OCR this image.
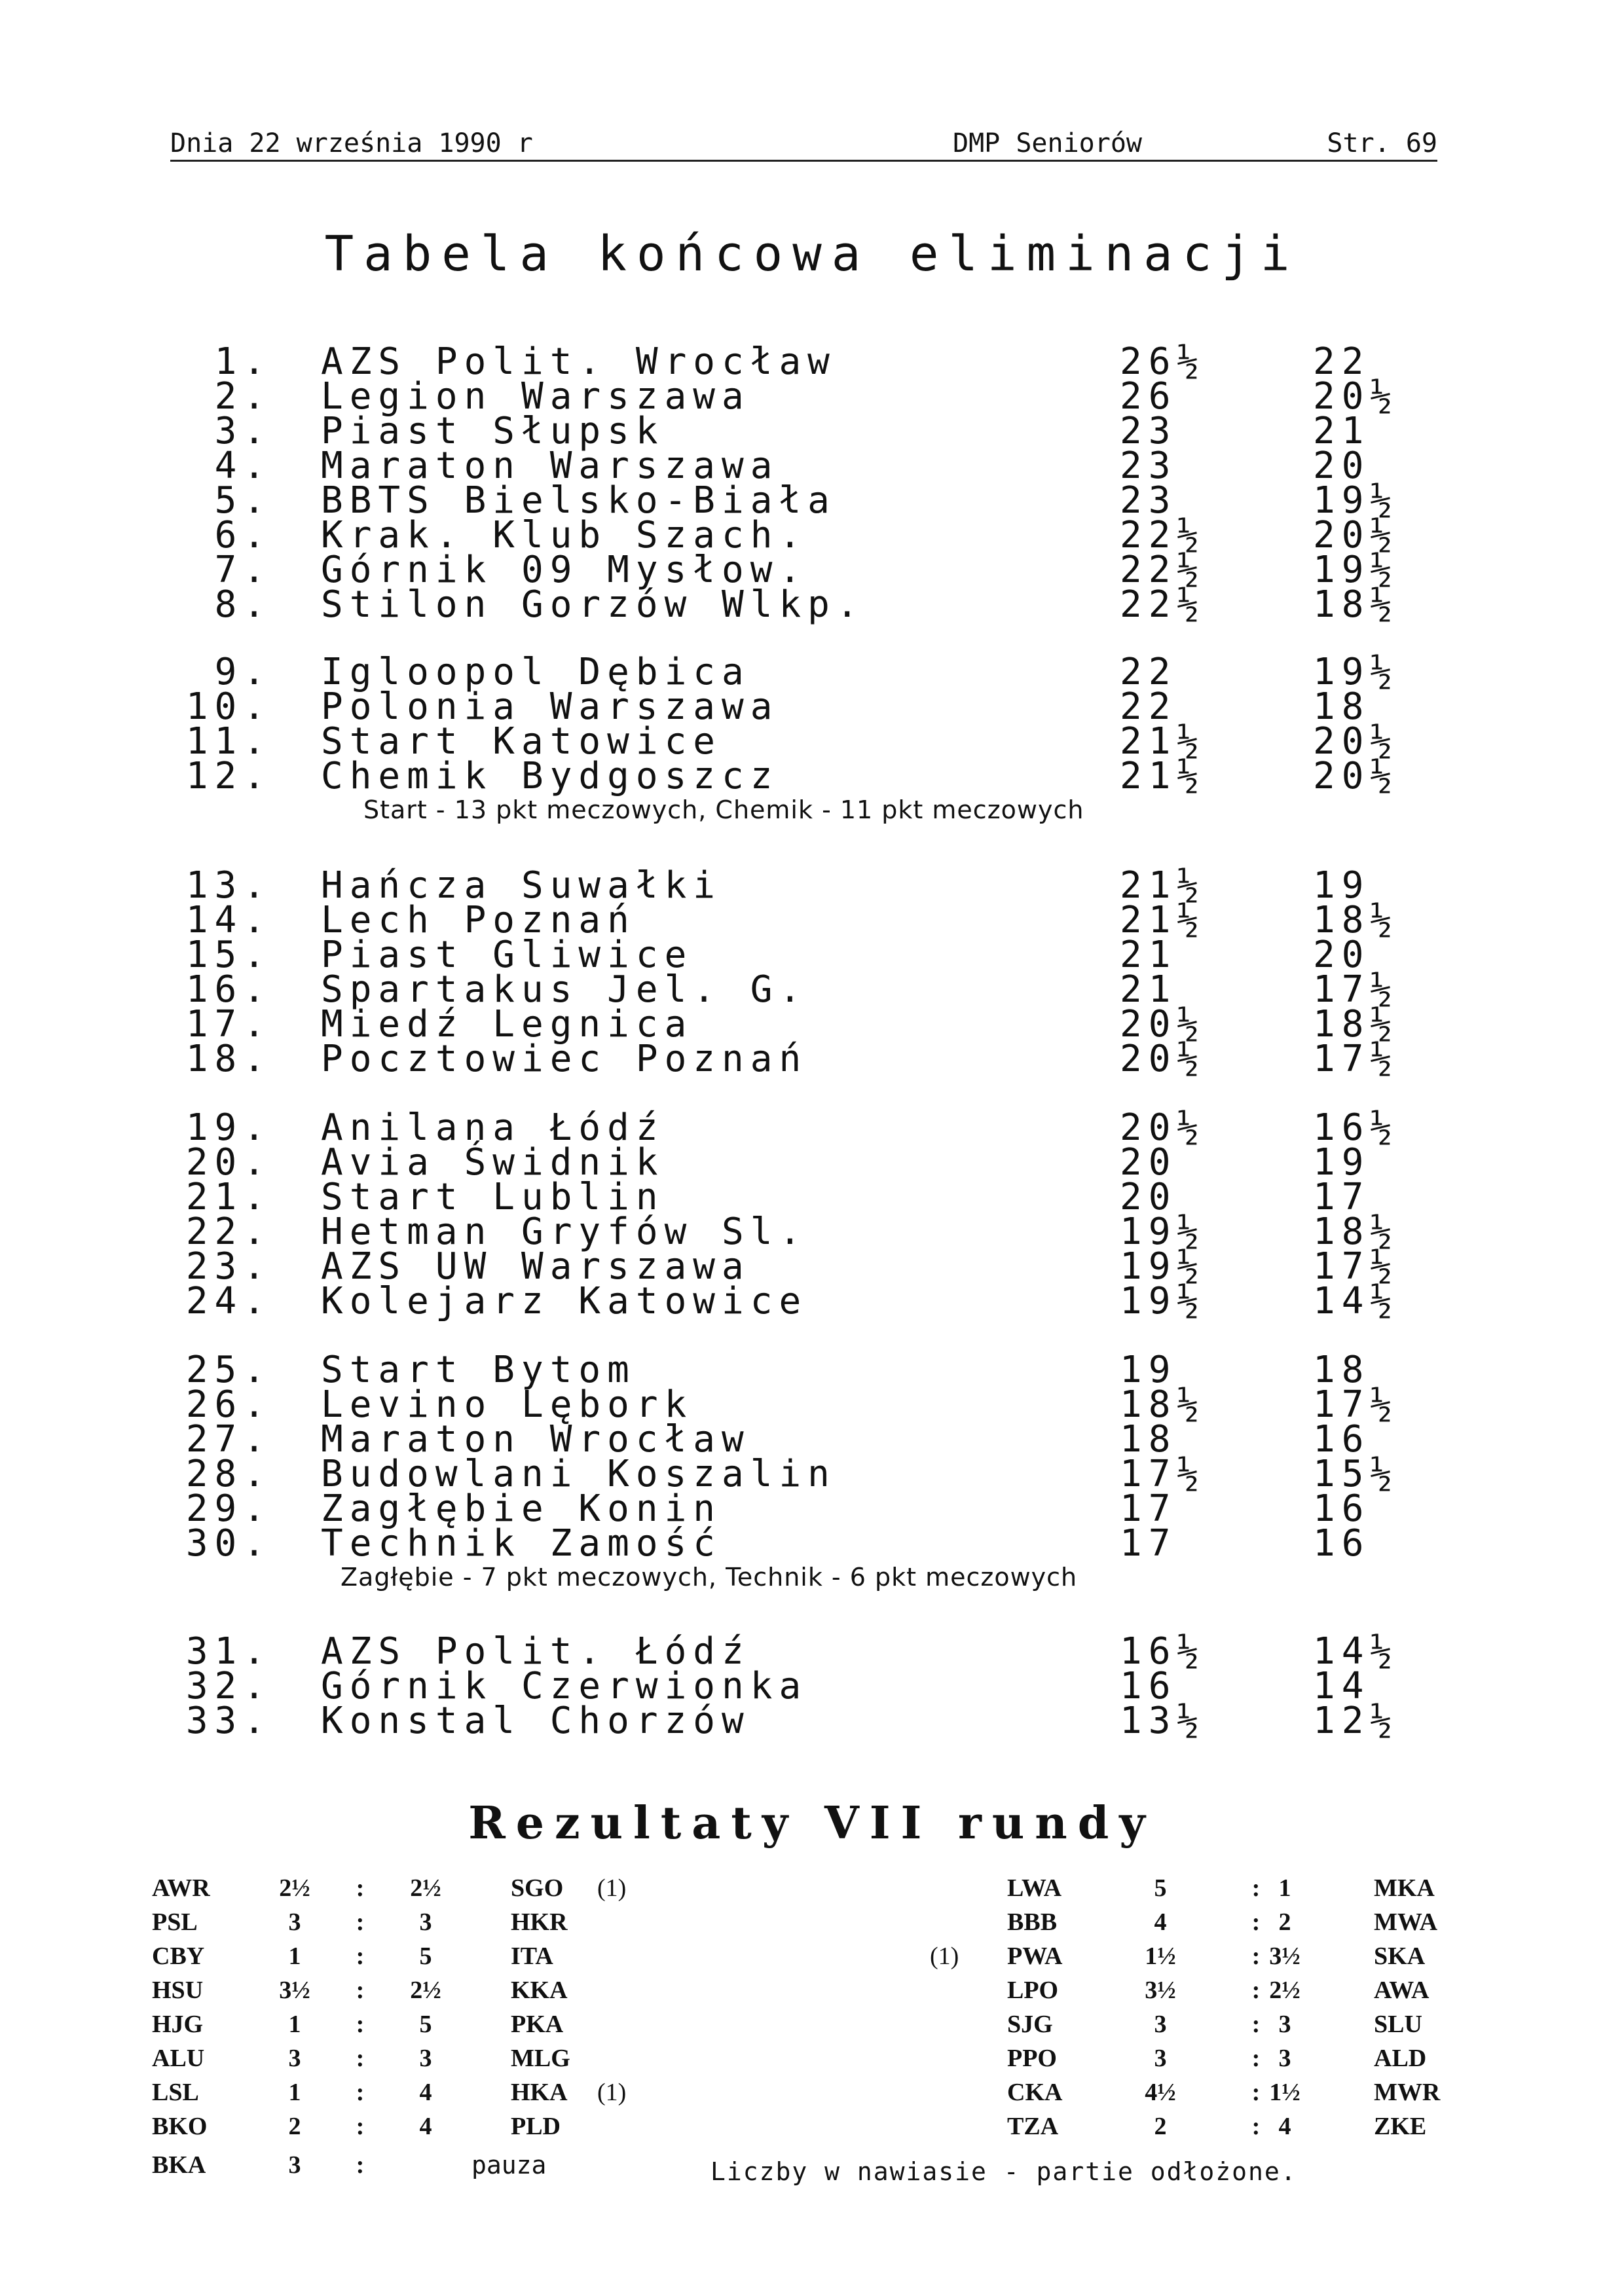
Dnia 22 września 1990 r	DMP Seniorów	Str. 69
Tabela końcowa eliminacji
1. AZS Polit. Wrocław	26½	22
2. Legion Warszawa	26	20½
3. Piast Słupsk	23	21
4. Maraton Warszawa	23	20
5. BBTS Bielsko-Biała	23	19½
6. Krak. Klub Szach.	22½	20½
7. Górnik 09 Mysłow.	22½	19½
8. Stilon Gorzów Wlkp.	22½	18½
9. Igloopol Dębica	22	19½
10. Polonia Warszawa	22	18
11. Start Katowice	21½	20½
12. Chemik Bydgoszcz	21½	20½
Start - 13 pkt meczowych, Chemik - 11 pkt meczowych
13. Hańcza Suwałki	21½	19
14. Lech Poznań	21½	18½
15. Piast Gliwice	21	20
16. Spartakus Jel. G.	21	17½
17. Miedź Legnica	20½	18½
18. Pocztowiec Poznań	20½	17½
19. Anilana Łódź	20½	16½
20. Avia Świdnik	20	19
21. Start Lublin	20	17
22. Hetman Gryfów Sl.	19½	18½
23. AZS UW Warszawa	19½	17½
24. Kolejarz Katowice	19½	14½
25. Start Bytom	19	18
26. Levino Lębork	18½	17½
27. Maraton Wrocław	18	16
28. Budowlani Koszalin	17½	15½
29. Zagłębie Konin	17	16
30. Technik Zamość	17	16
Zagłębie - 7 pkt meczowych, Technik - 6 pkt meczowych
31. AZS Polit. Łódź	16½	14½
32. Górnik Czerwionka	16	14
33. Konstal Chorzów	13½	12½
Rezultaty VII rundy
AWR	2½ : 2½	SGO (1)	LWA	5	: 1	MKA
PSL	3	:	3	HKR	BBB	4	: 2	MWA
CBY	1	:	5	ITA	(1) PWA	1½	: 3½	SKA
HSU	3½ : 2½	KKA	LPO	3½	: 2½	AWA
HJG	1	:	5	PKA	SJG	3	: 3	SLU
ALU	3	:	3	MLG	PPO	3	: 3	ALD
LSL	1	:	4	HKA (1)	CKA	4½	: 1½	MWR
BKO	2	:	4	PLD	TZA	2	: 4	ZKE
BKA	3	:	pauza	Liczby w nawiasie - partie odłożone.
